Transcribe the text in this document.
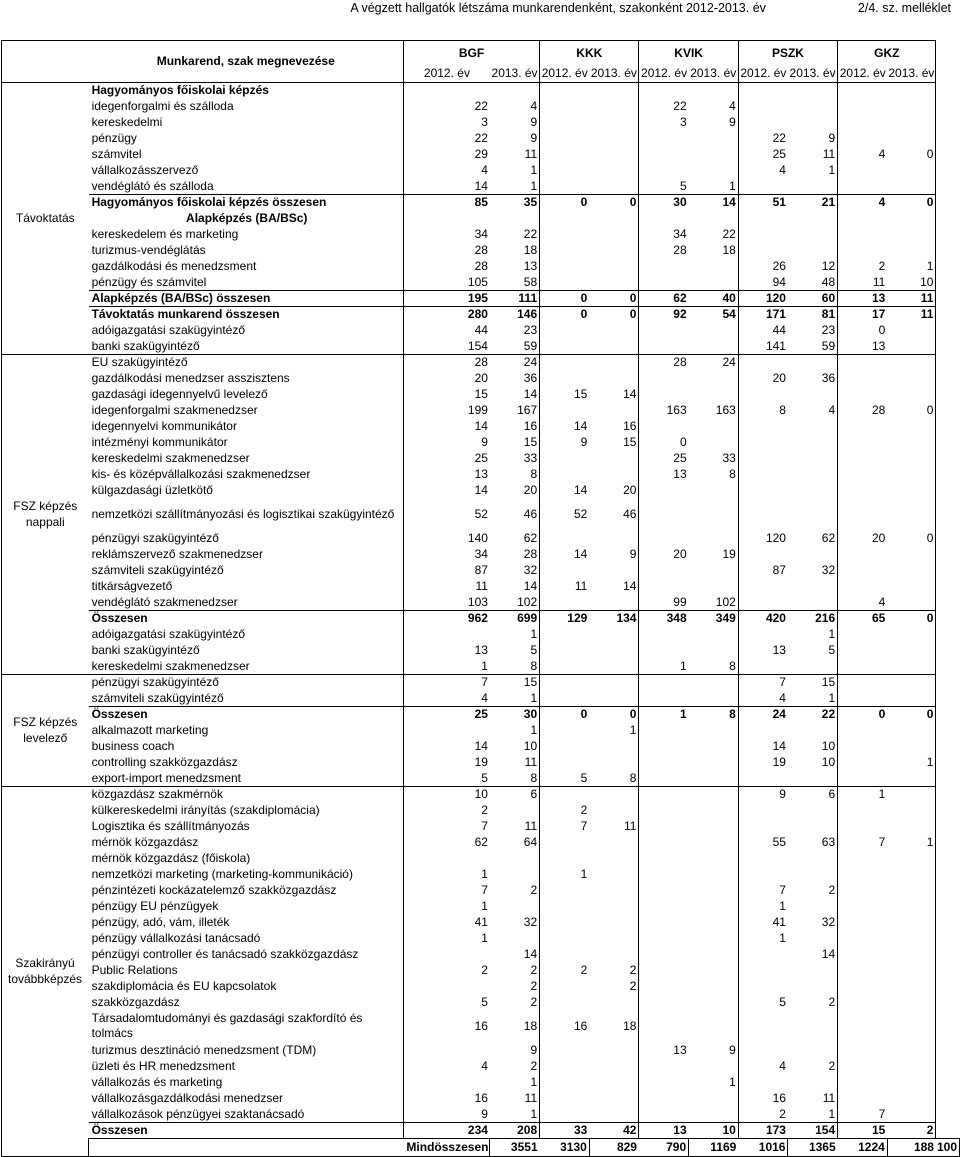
A végzett hallgatók létszáma munkarendenként, szakonként 2012-2013. év	2/4. sz. melléklet
	Munkarend, szak megnevezése	BGF		KKK		KVIK		PSZK		GKZ		
		2012. év	2013. év	2012. év	2013. év	2012. év	2013. év	2012. év	2013. év	2012. év	2013. év	
Távoktatás	Hagyományos főiskolai képzés											
	idegenforgalmi és szálloda	22	4			22	4					
	kereskedelmi	3	9			3	9					
	pénzügy	22	9					22	9			
	számvitel	29	11					25	11	4	0	
	vállalkozásszervező	4	1					4	1			
	vendéglátó és szálloda	14	1			5	1					
	Hagyományos főiskolai képzés összesen	85	35	0	0	30	14	51	21	4	0	
	Alapképzés (BA/BSc)											
	kereskedelem és marketing	34	22			34	22					
	turizmus-vendéglátás	28	18			28	18					
	gazdálkodási és menedzsment	28	13					26	12	2	1	
	pénzügy és számvitel	105	58					94	48	11	10	
	Alapképzés (BA/BSc) összesen	195	111	0	0	62	40	120	60	13	11	
	Távoktatás munkarend összesen	280	146	0	0	92	54	171	81	17	11	
	adóigazgatási szakügyintéző	44	23					44	23	0		
	banki szakügyintéző	154	59					141	59	13		
FSZ képzés nappali	EU szakügyintéző	28	24			28	24					
	gazdálkodási menedzser asszisztens	20	36					20	36			
	gazdasági idegennyelvű levelező	15	14	15	14							
	idegenforgalmi szakmenedzser	199	167			163	163	8	4	28	0	
	idegennyelvi kommunikátor	14	16	14	16							
	intézményi kommunikátor	9	15	9	15	0						
	kereskedelmi szakmenedzser	25	33			25	33					
	kis- és középvállalkozási szakmenedzser	13	8			13	8					
	külgazdasági üzletkötő	14	20	14	20							
	nemzetközi szállítmányozási és logisztikai szakügyintéző	52	46	52	46							
	pénzügyi szakügyintéző	140	62					120	62	20	0	
	reklámszervező szakmenedzser	34	28	14	9	20	19					
	számviteli szakügyintéző	87	32					87	32			
	titkárságvezető	11	14	11	14							
	vendéglátó szakmenedzser	103	102			99	102			4		
	Összesen	962	699	129	134	348	349	420	216	65	0	
	adóigazgatási szakügyintéző		1						1			
	banki szakügyintéző	13	5					13	5			
	kereskedelmi szakmenedzser	1	8			1	8					
FSZ képzés levelező	pénzügyi szakügyintéző	7	15					7	15			
	számviteli szakügyintéző	4	1					4	1			
	Összesen	25	30	0	0	1	8	24	22	0	0	
	alkalmazott marketing		1		1							
	business coach	14	10					14	10			
	controlling szakközgazdász	19	11					19	10		1	
	export-import menedzsment	5	8	5	8							
Szakirányú továbbképzés	közgazdász szakmérnök	10	6					9	6	1		
	külkereskedelmi irányítás (szakdiplomácia)	2		2								
	Logisztika és szállítmányozás	7	11	7	11							
	mérnök közgazdász	62	64					55	63	7	1	
	mérnök közgazdász (főiskola)											
	nemzetközi marketing (marketing-kommunikáció)	1		1								
	pénzintézeti kockázatelemző szakközgazdász	7	2					7	2			
	pénzügy EU pénzügyek	1						1				
	pénzügy, adó, vám, illeték	41	32					41	32			
	pénzügy vállalkozási tanácsadó	1						1				
	pénzügyi controller és tanácsadó szakközgazdász		14						14			
	Public Relations	2	2	2	2							
	szakdiplomácia és EU kapcsolatok		2		2							
	szakközgazdász	5	2					5	2			
	Társadalomtudományi és gazdasági szakfordító és tolmács	16	18	16	18							
	turizmus desztináció menedzsment (TDM)		9			13	9					
	üzleti és HR menedzsment	4	2					4	2			
	vállalkozás és marketing		1				1					
	vállalkozásgazdálkodási menedzser	16	11					16	11			
	vállalkozások pénzügyei szaktanácsadó	9	1					2	1	7		
	Összesen	234	208	33	42	13	10	173	154	15	2	
		Mindösszesen	3551	3130	829	790	1169	1016	1365	1224	188	100
